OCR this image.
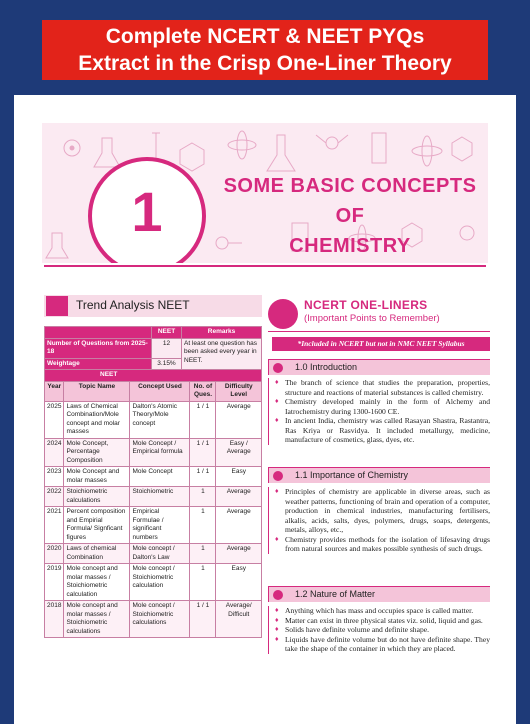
Complete NCERT & NEET PYQs
Extract in the Crisp One-Liner Theory
1	SOME BASIC CONCEPTS OF
CHEMISTRY
Trend Analysis NEET
	NEET	Remarks
Number of Questions from 2025-18	12	At least one question has been asked every year in NEET.
Weightage	3.15%	
NEET				
Year	Topic Name	Concept Used	No. of Ques.	Difficulty Level
2025	Laws of Chemical Combination/Mole concept and molar masses	Dalton's Atomic Theory/Mole concept	1 / 1	Average
2024	Mole Concept, Percentage Composition	Mole Concept / Empirical formula	1 / 1	Easy / Average
2023	Mole Concept and molar masses	Mole Concept	1 / 1	Easy
2022	Stoichiometric calculations	Stoichiometric	1	Average
2021	Percent composition and Empirial Formula/ Signficant figures	Empirical Formulae / significant numbers	1	Average
2020	Laws of chemical Combination	Mole concept / Dalton's Law	1	Average
2019	Mole concept and molar masses / Stoichiometric calculation	Mole concept / Stoichiometric calculation	1	Easy
2018	Mole concept and molar masses / Stoichiometric calculations	Mole concept / Stoichiometric calculations	1 / 1	Average/ Difficult
NCERT ONE-LINERS
(Important Points to Remember)
*Included in NCERT but not in NMC NEET Syllabus
1.0 Introduction
♦ The branch of science that studies the preparation, properties, structure and reactions of material substances is called chemistry.
♦ Chemistry developed mainly in the form of Alchemy and Iatrochemistry during 1300-1600 CE.
♦ In ancient India, chemistry was called Rasayan Shastra, Rastantra, Ras Kriya or Rasvidya. It included metallurgy, medicine, manufacture of cosmetics, glass, dyes, etc.
1.1 Importance of Chemistry
♦ Principles of chemistry are applicable in diverse areas, such as weather patterns, functioning of brain and operation of a computer, production in chemical industries, manufacturing fertilisers, alkalis, acids, salts, dyes, polymers, drugs, soaps, detergents, metals, alloys, etc.,
♦ Chemistry provides methods for the isolation of lifesaving drugs from natural sources and makes possible synthesis of such drugs.
1.2 Nature of Matter
♦ Anything which has mass and occupies space is called matter.
♦ Matter can exist in three physical states viz. solid, liquid and gas.
♦ Solids have definite volume and definite shape.
♦ Liquids have definite volume but do not have definite shape. They take the shape of the container in which they are placed.
